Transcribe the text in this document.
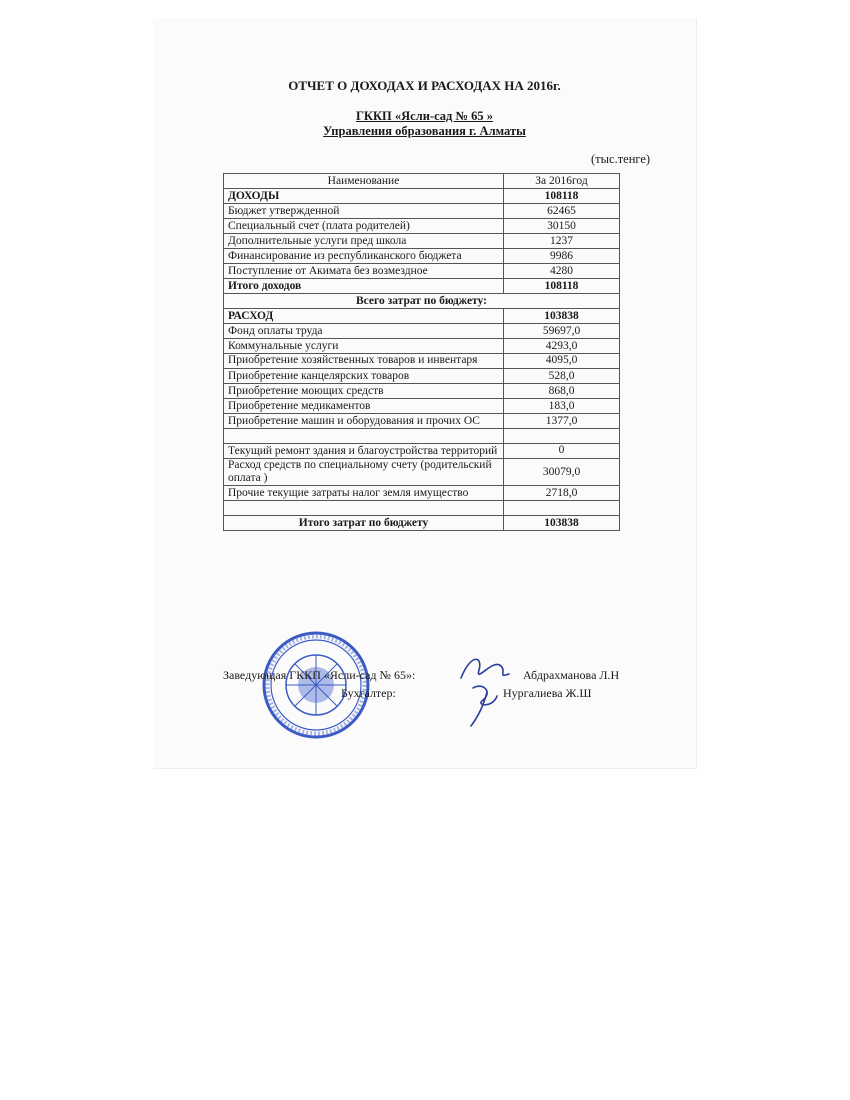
ОТЧЕТ О ДОХОДАХ И РАСХОДАХ НА 2016г.
ГККП «Ясли-сад № 65 »
Управления образования г. Алматы
(тыс.тенге)
Наименование	За 2016год
ДОХОДЫ	108118
Бюджет утвержденной	62465
Специальный счет (плата родителей)	30150
Дополнительные услуги пред школа	1237
Финансирование из республиканского бюджета	9986
Поступление от Акимата без возмездное	4280
Итого доходов	108118
Всего затрат по бюджету:	
РАСХОД	103838
Фонд оплаты труда	59697,0
Коммунальные услуги	4293,0
Приобретение хозяйственных товаров и инвентаря	4095,0
Приобретение канцелярских товаров	528,0
Приобретение моющих средств	868,0
Приобретение медикаментов	183,0
Приобретение машин и оборудования и прочих ОС	1377,0

Текущий ремонт здания и благоустройства территорий	0
Расход средств по специальному счету (родительский оплата )	30079,0
Прочие текущие затраты налог земля имущество	2718,0

Итого затрат по бюджету	103838
Заведующая ГККП «Ясли-сад № 65»:	Абдрахманова Л.Н
Бухгалтер:	Нургалиева Ж.Ш
